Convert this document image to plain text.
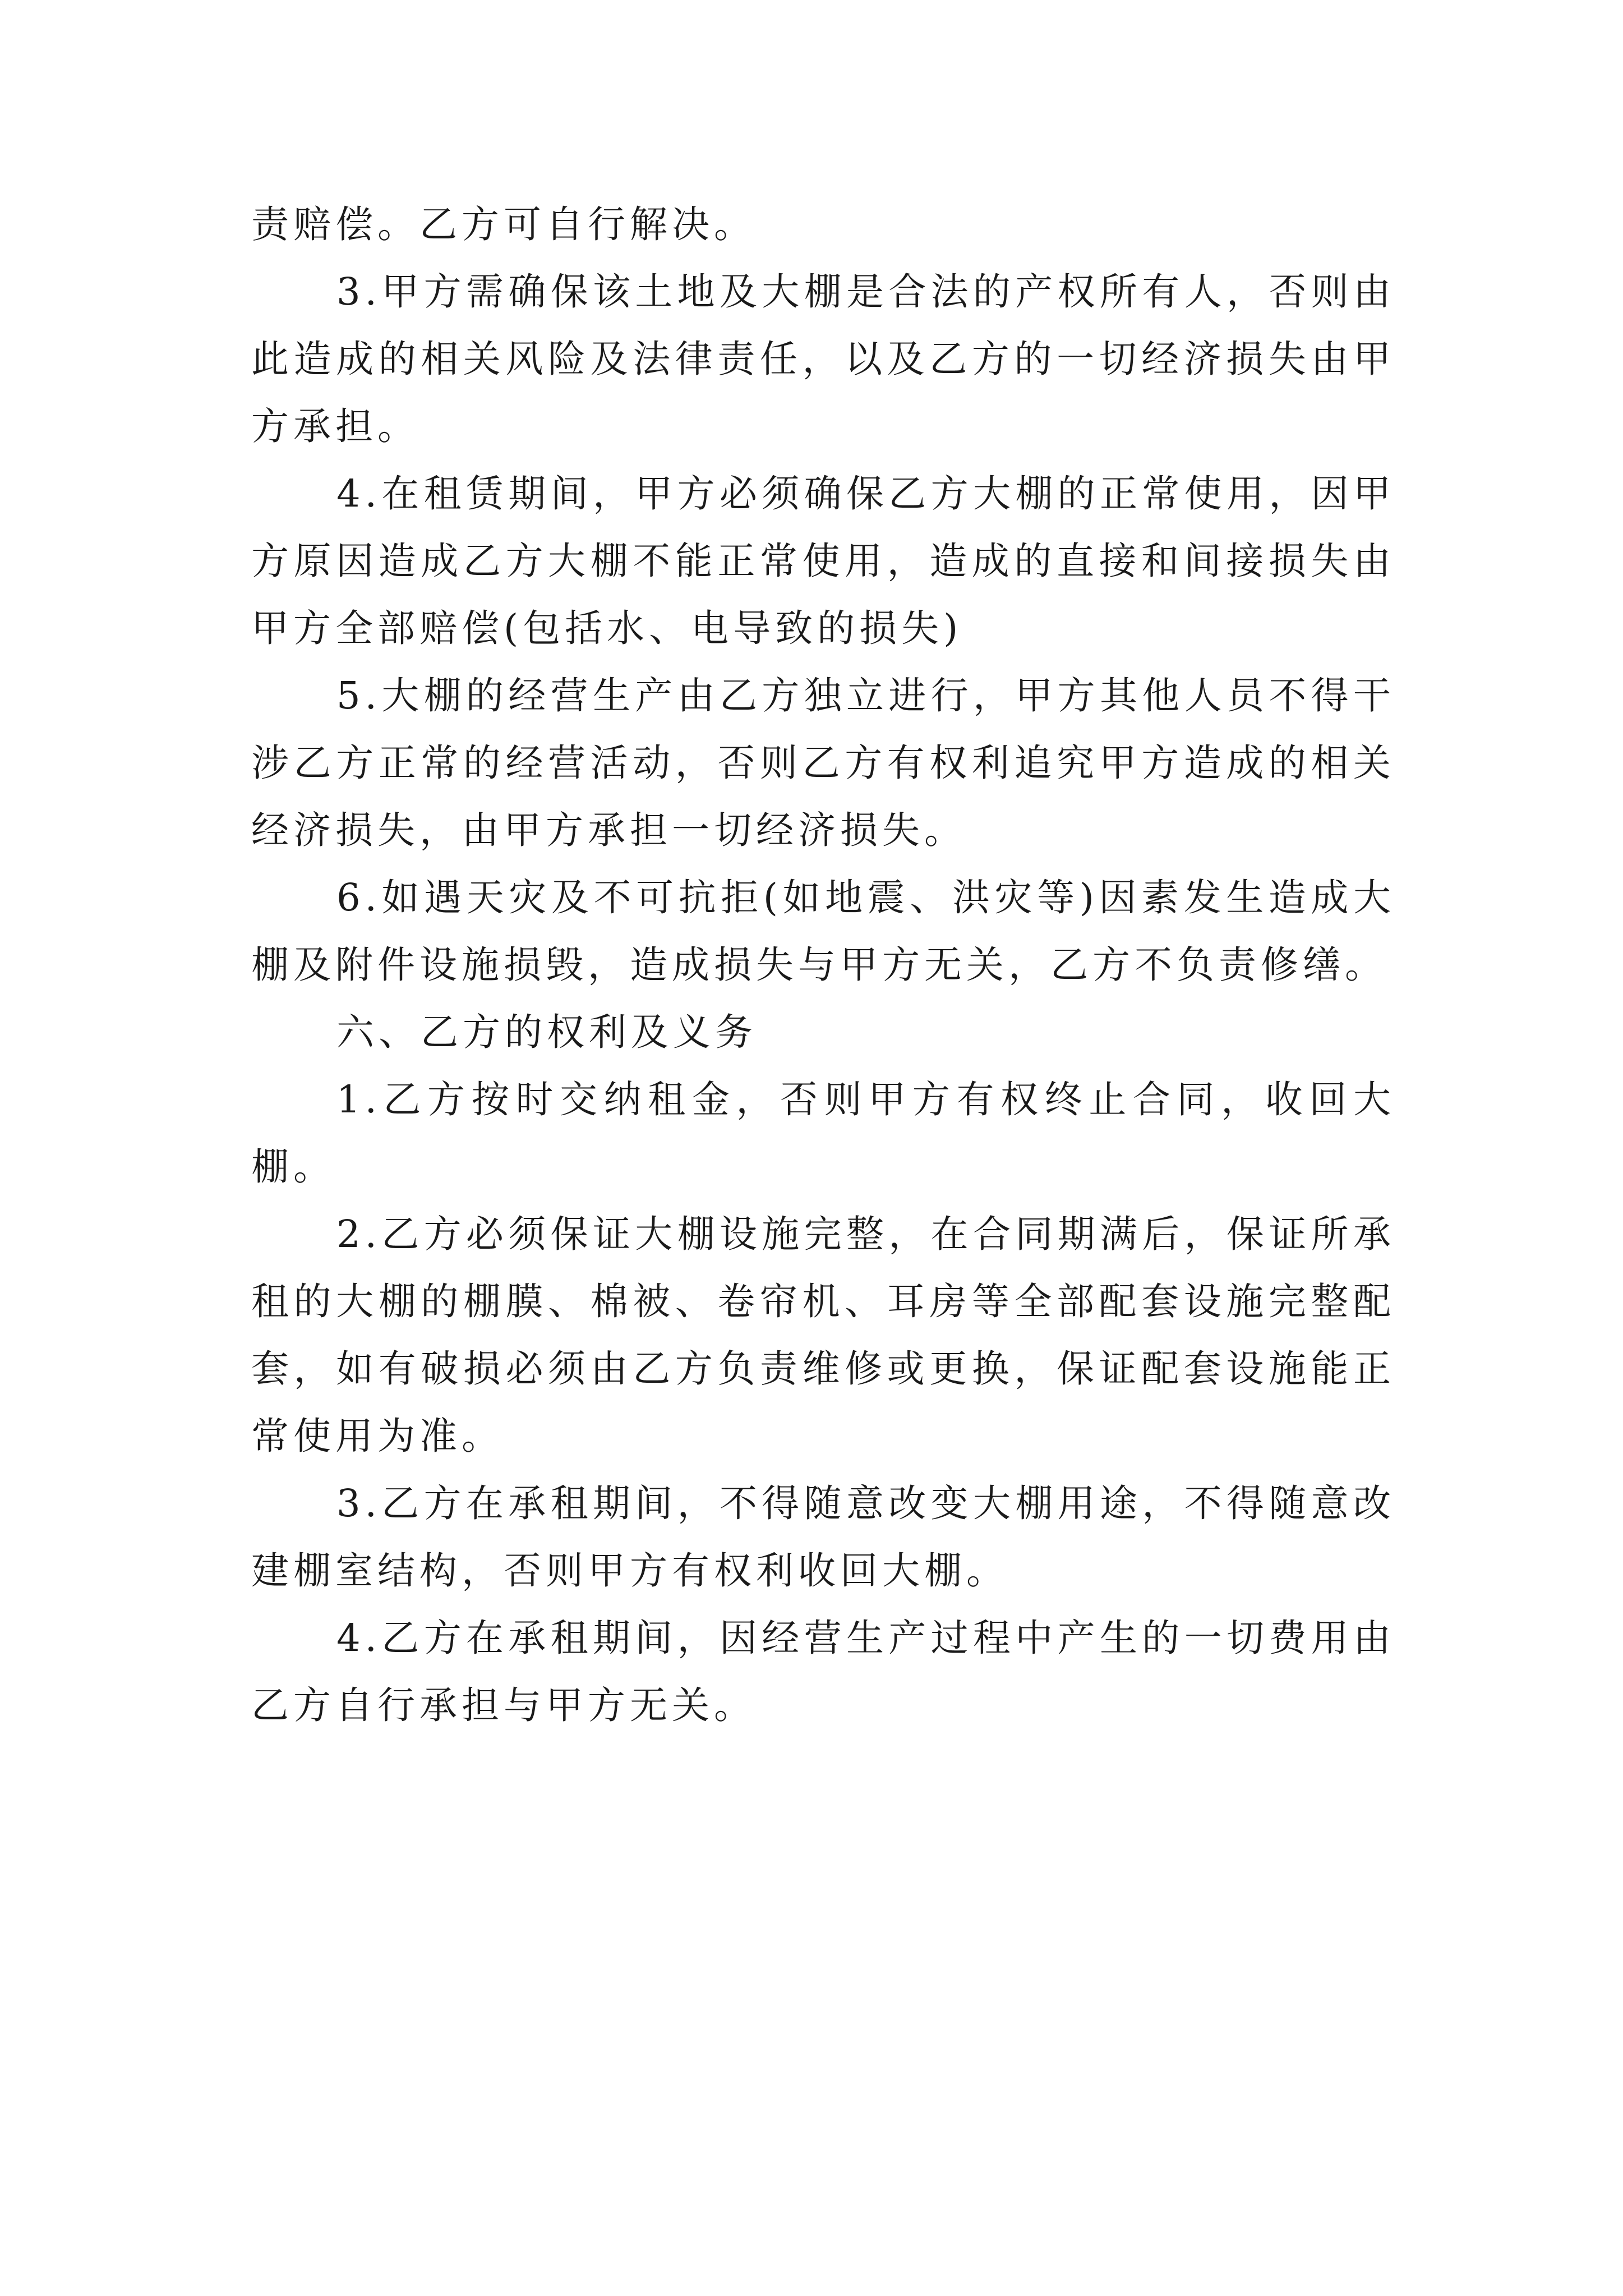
责赔偿。乙方可自行解决。

3.甲方需确保该土地及大棚是合法的产权所有人，否则由此造成的相关风险及法律责任，以及乙方的一切经济损失由甲方承担。

4.在租赁期间，甲方必须确保乙方大棚的正常使用，因甲方原因造成乙方大棚不能正常使用，造成的直接和间接损失由甲方全部赔偿(包括水、电导致的损失)

5.大棚的经营生产由乙方独立进行，甲方其他人员不得干涉乙方正常的经营活动，否则乙方有权利追究甲方造成的相关经济损失，由甲方承担一切经济损失。

6.如遇天灾及不可抗拒(如地震、洪灾等)因素发生造成大棚及附件设施损毁，造成损失与甲方无关，乙方不负责修缮。

六、乙方的权利及义务

1.乙方按时交纳租金，否则甲方有权终止合同，收回大棚。

2.乙方必须保证大棚设施完整，在合同期满后，保证所承租的大棚的棚膜、棉被、卷帘机、耳房等全部配套设施完整配套，如有破损必须由乙方负责维修或更换，保证配套设施能正常使用为准。

3.乙方在承租期间，不得随意改变大棚用途，不得随意改建棚室结构，否则甲方有权利收回大棚。

4.乙方在承租期间，因经营生产过程中产生的一切费用由乙方自行承担与甲方无关。
